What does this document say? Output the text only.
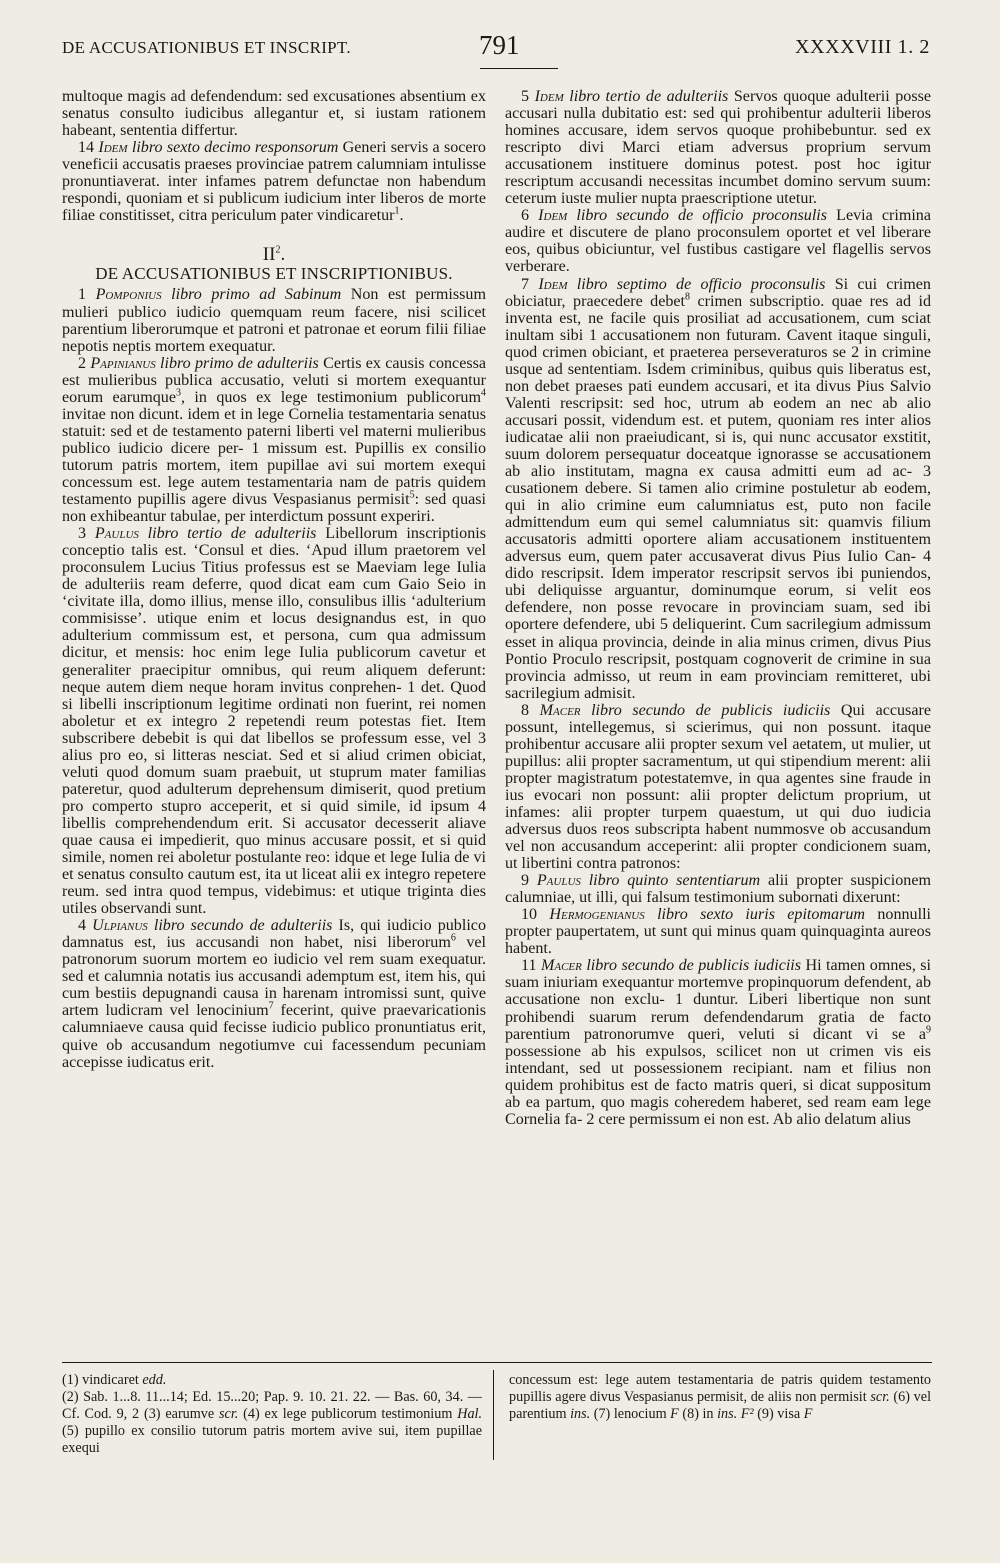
DE ACCUSATIONIBUS ET INSCRIPT.	791	XXXXVIII 1. 2

multoque magis ad defendendum: sed excusationes absentium ex senatus consulto iudicibus allegantur et, si iustam rationem habeant, sententia differtur.

14 Idem libro sexto decimo responsorum Generi servis a socero veneficii accusatis praeses provinciae patrem calumniam intulisse pronuntiaverat. inter infames patrem defunctae non habendum respondi, quoniam et si publicum iudicium inter liberos de morte filiae constitisset, citra periculum pater vindicaretur$^1$.

$II^2$.
DE ACCUSATIONIBUS ET INSCRIPTIONIBUS.

1 Pomponius libro primo ad Sabinum Non est permissum mulieri publico iudicio quemquam reum facere, nisi scilicet parentium liberorumque et patroni et patronae et eorum filii filiae nepotis neptis mortem exequatur.

2 Papinianus libro primo de adulteriis Certis ex causis concessa est mulieribus publica accusatio, veluti si mortem exequantur eorum earumque$^3$, in quos ex lege testimonium publicorum$^4$ invitae non dicunt. idem et in lege Cornelia testamentaria senatus statuit: sed et de testamento paterni liberti vel materni mulieribus publico iudicio dicere per- 1 missum est. Pupillis ex consilio tutorum patris mortem, item pupillae avi sui mortem exequi concessum est. lege autem testamentaria nam de patris quidem testamento pupillis agere divus Vespasianus permisit$^5$: sed quasi non exhibeantur tabulae, per interdictum possunt experiri.

3 Paulus libro tertio de adulteriis Libellorum inscriptionis conceptio talis est. ‘Consul et dies. ‘Apud illum praetorem vel proconsulem Lucius Titius professus est se Maeviam lege Iulia de adulteriis ream deferre, quod dicat eam cum Gaio Seio in ‘civitate illa, domo illius, mense illo, consulibus illis ‘adulterium commisisse’. utique enim et locus designandus est, in quo adulterium commissum est, et persona, cum qua admissum dicitur, et mensis: hoc enim lege Iulia publicorum cavetur et generaliter praecipitur omnibus, qui reum aliquem deferunt: neque autem diem neque horam invitus conprehen- 1 det. Quod si libelli inscriptionum legitime ordinati non fuerint, rei nomen aboletur et ex integro 2 repetendi reum potestas fiet. Item subscribere debebit is qui dat libellos se professum esse, vel 3 alius pro eo, si litteras nesciat. Sed et si aliud crimen obiciat, veluti quod domum suam praebuit, ut stuprum mater familias pateretur, quod adulterum deprehensum dimiserit, quod pretium pro comperto stupro acceperit, et si quid simile, id ipsum 4 libellis comprehendendum erit. Si accusator decesserit aliave quae causa ei impedierit, quo minus accusare possit, et si quid simile, nomen rei aboletur postulante reo: idque et lege Iulia de vi et senatus consulto cautum est, ita ut liceat alii ex integro repetere reum. sed intra quod tempus, videbimus: et utique triginta dies utiles observandi sunt.

4 Ulpianus libro secundo de adulteriis Is, qui iudicio publico damnatus est, ius accusandi non habet, nisi liberorum$^6$ vel patronorum suorum mortem eo iudicio vel rem suam exequatur. sed et calumnia notatis ius accusandi ademptum est, item his, qui cum bestiis depugnandi causa in harenam intromissi sunt, quive artem ludicram vel lenocinium$^7$ fecerint, quive praevaricationis calumniaeve causa quid fecisse iudicio publico pronuntiatus erit, quive ob accusandum negotiumve cui facessendum pecuniam accepisse iudicatus erit.

5 Idem libro tertio de adulteriis Servos quoque adulterii posse accusari nulla dubitatio est: sed qui prohibentur adulterii liberos homines accusare, idem servos quoque prohibebuntur. sed ex rescripto divi Marci etiam adversus proprium servum accusationem instituere dominus potest. post hoc igitur rescriptum accusandi necessitas incumbet domino servum suum: ceterum iuste mulier nupta praescriptione utetur.

6 Idem libro secundo de officio proconsulis Levia crimina audire et discutere de plano proconsulem oportet et vel liberare eos, quibus obiciuntur, vel fustibus castigare vel flagellis servos verberare.

7 Idem libro septimo de officio proconsulis Si cui crimen obiciatur, praecedere debet$^8$ crimen subscriptio. quae res ad id inventa est, ne facile quis prosiliat ad accusationem, cum sciat inultam sibi 1 accusationem non futuram. Cavent itaque singuli, quod crimen obiciant, et praeterea perseveraturos se 2 in crimine usque ad sententiam. Isdem criminibus, quibus quis liberatus est, non debet praeses pati eundem accusari, et ita divus Pius Salvio Valenti rescripsit: sed hoc, utrum ab eodem an nec ab alio accusari possit, videndum est. et putem, quoniam res inter alios iudicatae alii non praeiudicant, si is, qui nunc accusator exstitit, suum dolorem persequatur doceatque ignorasse se accusationem ab alio institutam, magna ex causa admitti eum ad ac- 3 cusationem debere. Si tamen alio crimine postuletur ab eodem, qui in alio crimine eum calumniatus est, puto non facile admittendum eum qui semel calumniatus sit: quamvis filium accusatoris admitti oportere aliam accusationem instituentem adversus eum, quem pater accusaverat divus Pius Iulio Can- 4 dido rescripsit. Idem imperator rescripsit servos ibi puniendos, ubi deliquisse arguantur, dominumque eorum, si velit eos defendere, non posse revocare in provinciam suam, sed ibi oportere defendere, ubi 5 deliquerint. Cum sacrilegium admissum esset in aliqua provincia, deinde in alia minus crimen, divus Pius Pontio Proculo rescripsit, postquam cognoverit de crimine in sua provincia admisso, ut reum in eam provinciam remitteret, ubi sacrilegium admisit.

8 Macer libro secundo de publicis iudiciis Qui accusare possunt, intellegemus, si scierimus, qui non possunt. itaque prohibentur accusare alii propter sexum vel aetatem, ut mulier, ut pupillus: alii propter sacramentum, ut qui stipendium merent: alii propter magistratum potestatemve, in qua agentes sine fraude in ius evocari non possunt: alii propter delictum proprium, ut infames: alii propter turpem quaestum, ut qui duo iudicia adversus duos reos subscripta habent nummosve ob accusandum vel non accusandum acceperint: alii propter condicionem suam, ut libertini contra patronos:

9 Paulus libro quinto sententiarum alii propter suspicionem calumniae, ut illi, qui falsum testimonium subornati dixerunt:

10 Hermogenianus libro sexto iuris epitomarum nonnulli propter paupertatem, ut sunt qui minus quam quinquaginta aureos habent.

11 Macer libro secundo de publicis iudiciis Hi tamen omnes, si suam iniuriam exequantur mortemve propinquorum defendent, ab accusatione non exclu- 1 duntur. Liberi libertique non sunt prohibendi suarum rerum defendendarum gratia de facto parentium patronorumve queri, veluti si dicant vi se $a^9$ possessione ab his expulsos, scilicet non ut crimen vis eis intendant, sed ut possessionem recipiant. nam et filius non quidem prohibitus est de facto matris queri, si dicat suppositum ab ea partum, quo magis coheredem haberet, sed ream eam lege Cornelia fa- 2 cere permissum ei non est. Ab alio delatum alius

(1) vindicaret edd.

(2) Sab. 1...8. 11...14; Ed. 15...20; Pap. 9. 10. 21. 22. — Bas. 60, 34. — Cf. Cod. 9, 2 (3) earumve scr. (4) ex lege publicorum testimonium Hal. (5) pupillo ex consilio tutorum patris mortem avive sui, item pupillae exequi

concessum est: lege autem testamentaria de patris quidem testamento pupillis agere divus Vespasianus permisit, de aliis non permisit scr. (6) vel parentium ins. (7) lenocium F (8) in ins. F² (9) visa F
